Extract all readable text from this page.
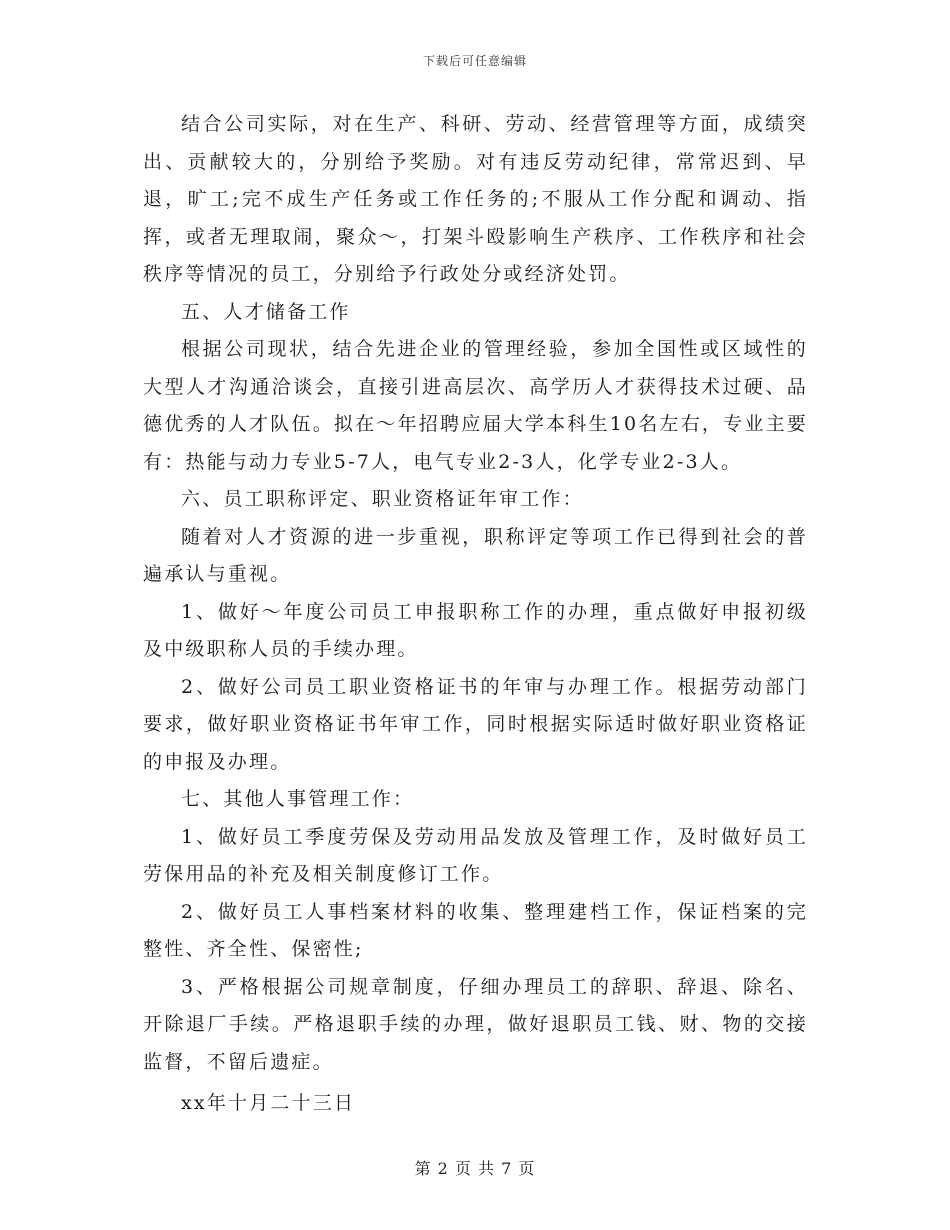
下载后可任意编辑

结合公司实际，对在生产、科研、劳动、经营管理等方面，成绩突出、贡献较大的，分别给予奖励。对有违反劳动纪律，常常迟到、早退，旷工;完不成生产任务或工作任务的;不服从工作分配和调动、指挥，或者无理取闹，聚众～，打架斗殴影响生产秩序、工作秩序和社会秩序等情况的员工，分别给予行政处分或经济处罚。

五、人才储备工作

根据公司现状，结合先进企业的管理经验，参加全国性或区域性的大型人才沟通洽谈会，直接引进高层次、高学历人才获得技术过硬、品德优秀的人才队伍。拟在～年招聘应届大学本科生10名左右，专业主要有：热能与动力专业5-7人，电气专业2-3人，化学专业2-3人。

六、员工职称评定、职业资格证年审工作：

随着对人才资源的进一步重视，职称评定等项工作已得到社会的普遍承认与重视。

1、做好～年度公司员工申报职称工作的办理，重点做好申报初级及中级职称人员的手续办理。

2、做好公司员工职业资格证书的年审与办理工作。根据劳动部门要求，做好职业资格证书年审工作，同时根据实际适时做好职业资格证的申报及办理。

七、其他人事管理工作：

1、做好员工季度劳保及劳动用品发放及管理工作，及时做好员工劳保用品的补充及相关制度修订工作。

2、做好员工人事档案材料的收集、整理建档工作，保证档案的完整性、齐全性、保密性;

3、严格根据公司规章制度，仔细办理员工的辞职、辞退、除名、开除退厂手续。严格退职手续的办理，做好退职员工钱、财、物的交接监督，不留后遗症。

xx年十月二十三日

第 2 页 共 7 页
